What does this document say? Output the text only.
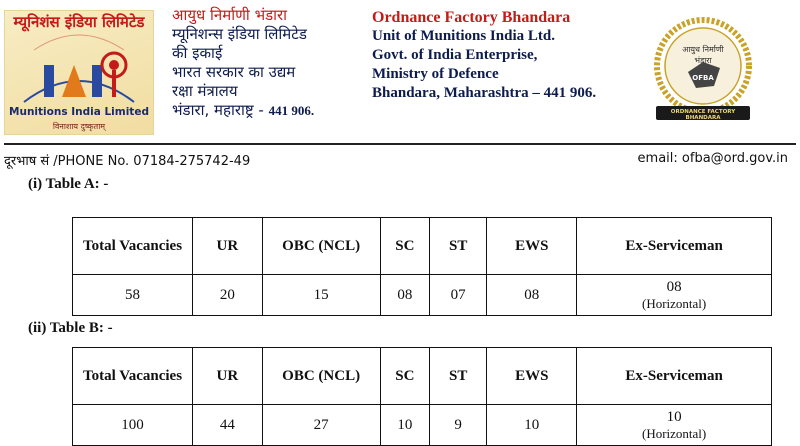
म्यूनिशंस इंडिया लिमिटेड
Munitions India Limited
विनाशाय दुष्कृताम्
आयुध निर्माणी भंडारा
म्यूनिशन्स इंडिया लिमिटेड
की इकाई
भारत सरकार का उद्यम
रक्षा मंत्रालय
भंडारा, महाराष्ट्र - 441 906.
Ordnance Factory Bhandara
Unit of Munitions India Ltd.
Govt. of India Enterprise,
Ministry of Defence
Bhandara, Maharashtra – 441 906.
आयुध निर्माणी
भंडारा
OFBA
ORDNANCE FACTORY BHANDARA
दूरभाष सं /PHONE No. 07184-275742-49	email: ofba@ord.gov.in
(i) Table A: -
Total Vacancies	UR	OBC (NCL)	SC	ST	EWS	Ex-Serviceman
58	20	15	08	07	08	08
(Horizontal)
(ii) Table B: -
Total Vacancies	UR	OBC (NCL)	SC	ST	EWS	Ex-Serviceman
100	44	27	10	9	10	10
(Horizontal)
